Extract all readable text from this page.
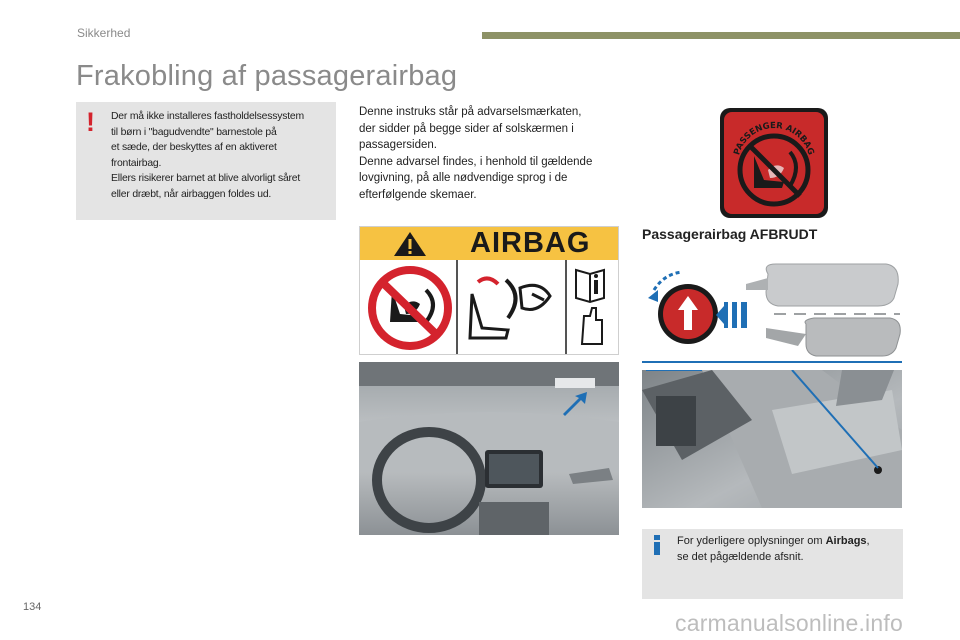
Sikkerhed
Frakobling af passagerairbag
! Der må ikke installeres fastholdelsessystem

til børn i "bagudvendte" barnestole på

et sæde, der beskyttes af en aktiveret

frontairbag.

Ellers risikerer barnet at blive alvorligt såret

eller dræbt, når airbaggen foldes ud.

Denne instruks står på advarselsmærkaten,

der sidder på begge sider af solskærmen i

passagersiden.

Denne advarsel findes, i henhold til gældende

lovgivning, på alle nødvendige sprog i de

efterfølgende skemaer.

AIRBAG
PASSENGER AIRBAG
Passagerairbag AFBRUDT
For yderligere oplysninger om Airbags,
se det pågældende afsnit.
134
carmanualsonline.info
